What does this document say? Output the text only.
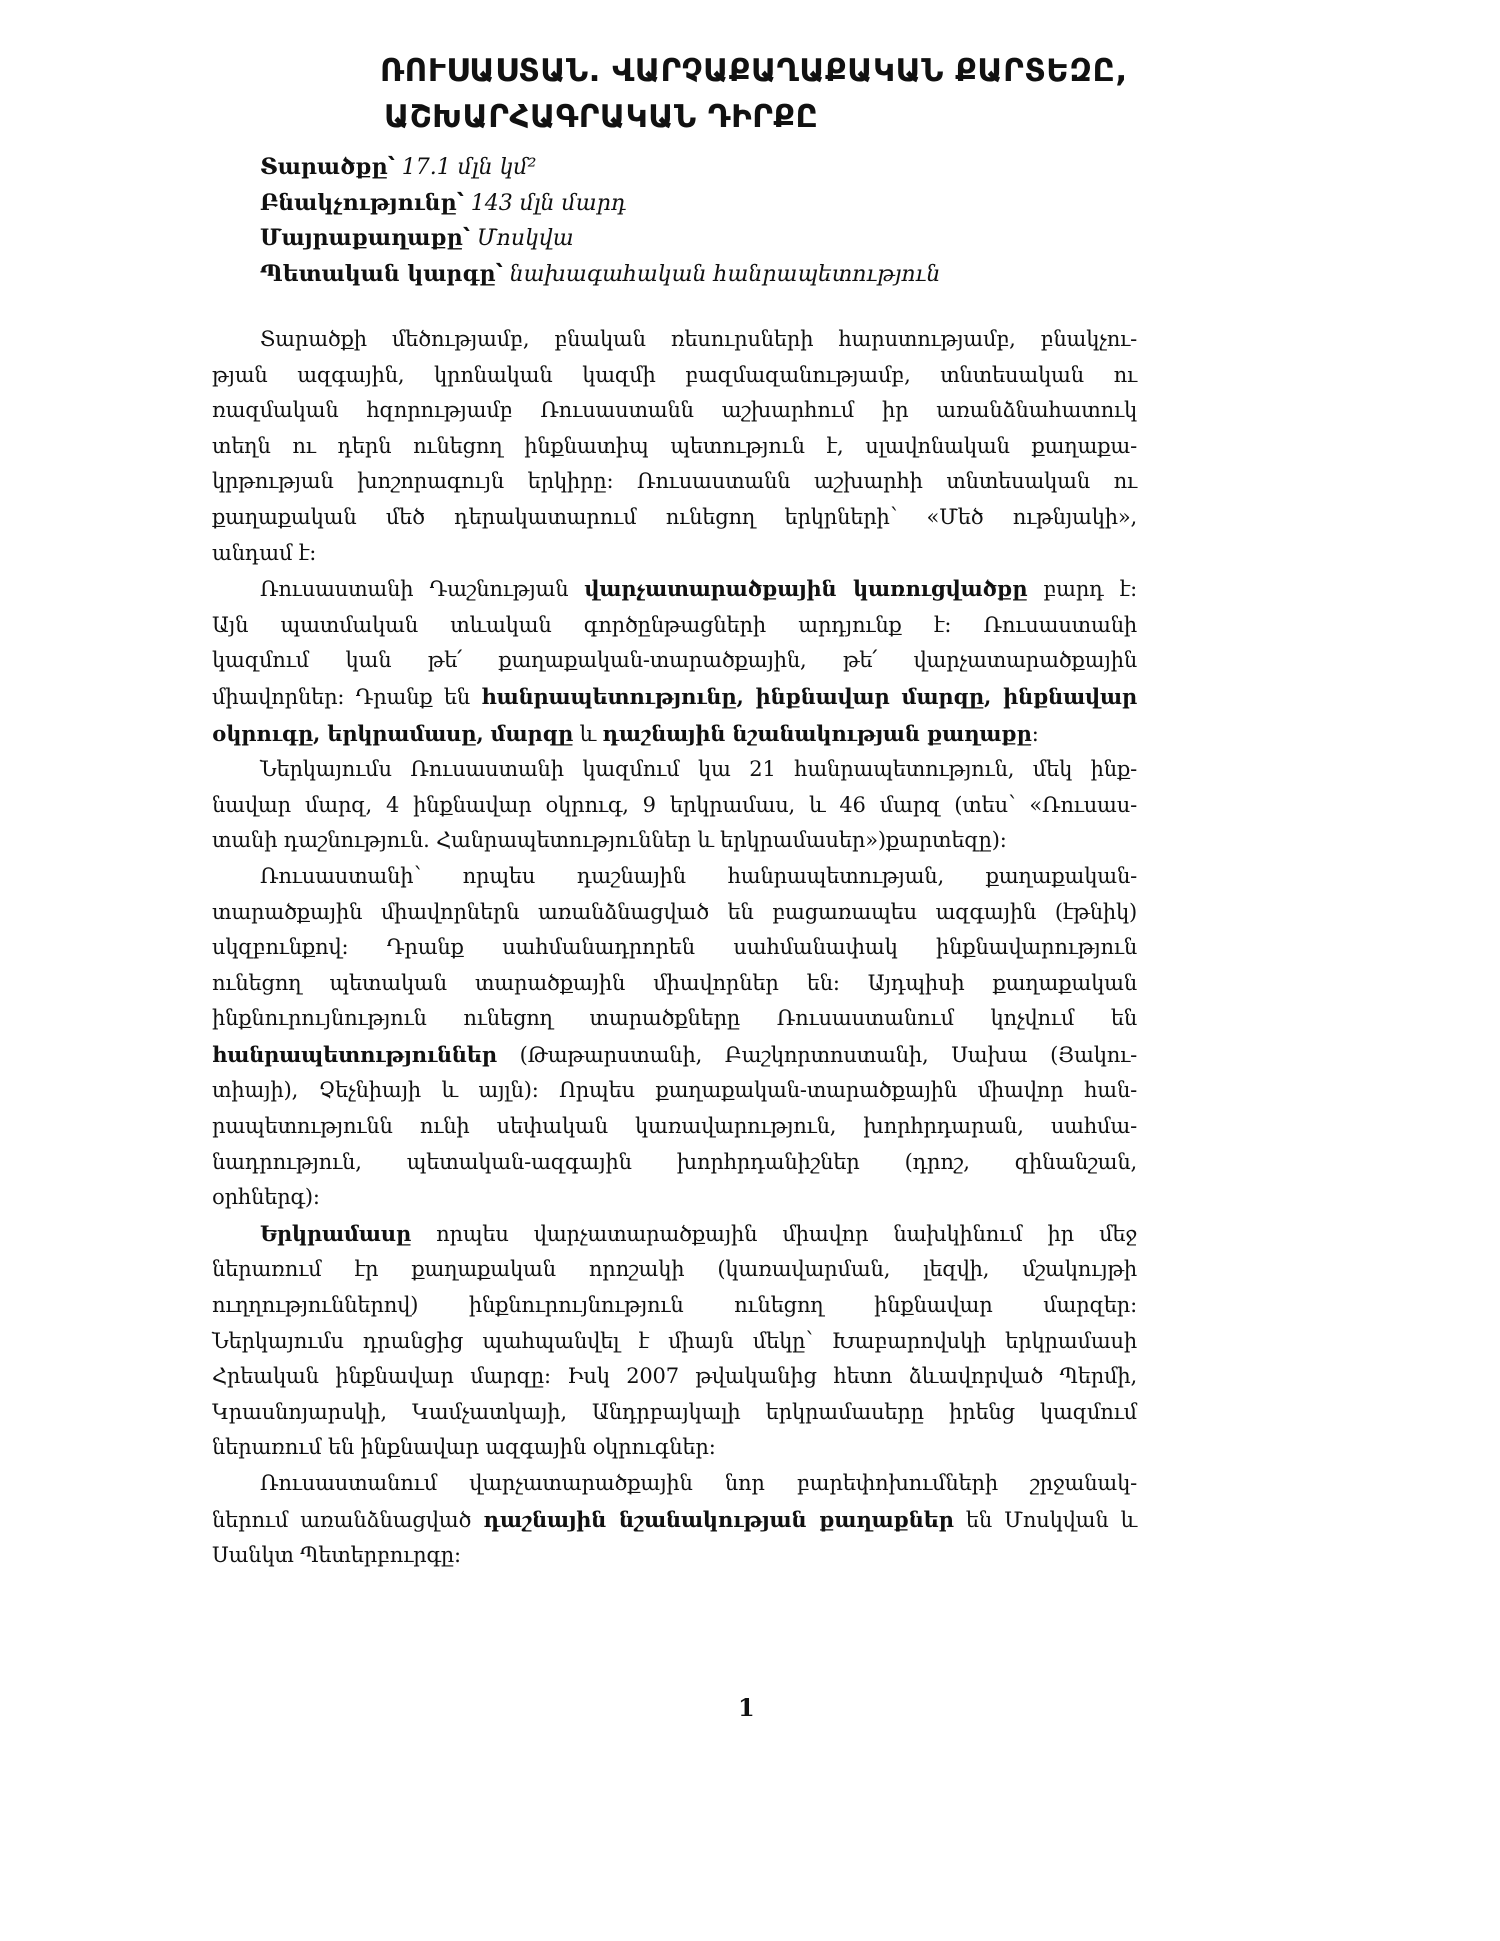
ՌՈՒՍԱՍՏԱՆ. ՎԱՐՉԱՔԱՂԱՔԱԿԱՆ ՔԱՐՏԵԶԸ,
ԱՇԽԱՐՀԱԳՐԱԿԱՆ ԴԻՐՔԸ
Տարածքը՝ 17.1 մլն կմ²
Բնակչությունը՝ 143 մլն մարդ
Մայրաքաղաքը՝ Մոսկվա
Պետական կարգը՝ նախագահական հանրապետություն
Տարածքի մեծությամբ, բնական ռեսուրսների հարստությամբ, բնակչու-
թյան ազգային, կրոնական կազմի բազմազանությամբ, տնտեսական ու
ռազմական հզորությամբ Ռուսաստանն աշխարհում իր առանձնահատուկ
տեղն ու դերն ունեցող ինքնատիպ պետություն է, սլավոնական քաղաքա-
կրթության խոշորագույն երկիրը: Ռուսաստանն աշխարհի տնտեսական ու
քաղաքական մեծ դերակատարում ունեցող երկրների՝ «Մեծ ութնյակի»,
անդամ է:
Ռուսաստանի Դաշնության վարչատարածքային կառուցվածքը բարդ է:
Այն պատմական տևական գործընթացների արդյունք է: Ռուսաստանի
կազմում կան թե՛ քաղաքական-տարածքային, թե՛ վարչատարածքային
միավորներ: Դրանք են հանրապետությունը, ինքնավար մարզը, ինքնավար
օկրուգը, երկրամասը, մարզը և դաշնային նշանակության քաղաքը:
Ներկայումս Ռուսաստանի կազմում կա 21 հանրապետություն, մեկ ինք-
նավար մարզ, 4 ինքնավար օկրուգ, 9 երկրամաս, և 46 մարզ (տես՝ «Ռուսաս-
տանի դաշնություն. Հանրապետություններ և երկրամասեր»)քարտեզը):
Ռուսաստանի՝ որպես դաշնային հանրապետության, քաղաքական-
տարածքային միավորներն առանձնացված են բացառապես ազգային (էթնիկ)
սկզբունքով: Դրանք սահմանադրորեն սահմանափակ ինքնավարություն
ունեցող պետական տարածքային միավորներ են: Այդպիսի քաղաքական
ինքնուրույնություն ունեցող տարածքները Ռուսաստանում կոչվում են
հանրապետություններ (Թաթարստանի, Բաշկորտոստանի, Սախա (Յակու-
տիայի), Չեչնիայի և այլն): Որպես քաղաքական-տարածքային միավոր հան-
րապետությունն ունի սեփական կառավարություն, խորհրդարան, սահմա-
նադրություն, պետական-ազգային խորհրդանիշներ (դրոշ, զինանշան,
օրհներգ):
Երկրամասը որպես վարչատարածքային միավոր նախկինում իր մեջ
ներառում էր քաղաքական որոշակի (կառավարման, լեզվի, մշակույթի
ուղղություններով) ինքնուրույնություն ունեցող ինքնավար մարզեր:
Ներկայումս դրանցից պահպանվել է միայն մեկը՝ Խաբարովսկի երկրամասի
Հրեական ինքնավար մարզը: Իսկ 2007 թվականից հետո ձևավորված Պերմի,
Կրասնոյարսկի, Կամչատկայի, Անդրբայկալի երկրամասերը իրենց կազմում
ներառում են ինքնավար ազգային օկրուգներ:
Ռուսաստանում վարչատարածքային նոր բարեփոխումների շրջանակ-
ներում առանձնացված դաշնային նշանակության քաղաքներ են Մոսկվան և
Սանկտ Պետերբուրգը:
1
